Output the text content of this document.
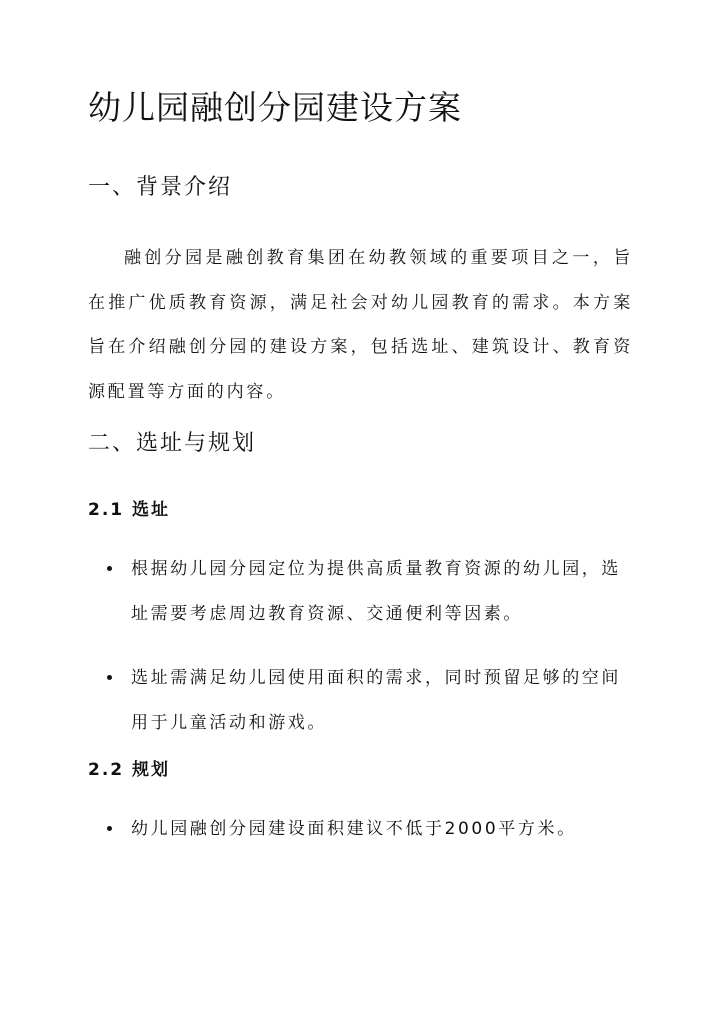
幼儿园融创分园建设方案
一、背景介绍

融创分园是融创教育集团在幼教领域的重要项目之一，旨在推广优质教育资源，满足社会对幼儿园教育的需求。本方案旨在介绍融创分园的建设方案，包括选址、建筑设计、教育资源配置等方面的内容。

二、选址与规划
2.1 选址
根据幼儿园分园定位为提供高质量教育资源的幼儿园，选址需要考虑周边教育资源、交通便利等因素。
选址需满足幼儿园使用面积的需求，同时预留足够的空间用于儿童活动和游戏。
2.2 规划
幼儿园融创分园建设面积建议不低于2000平方米。
